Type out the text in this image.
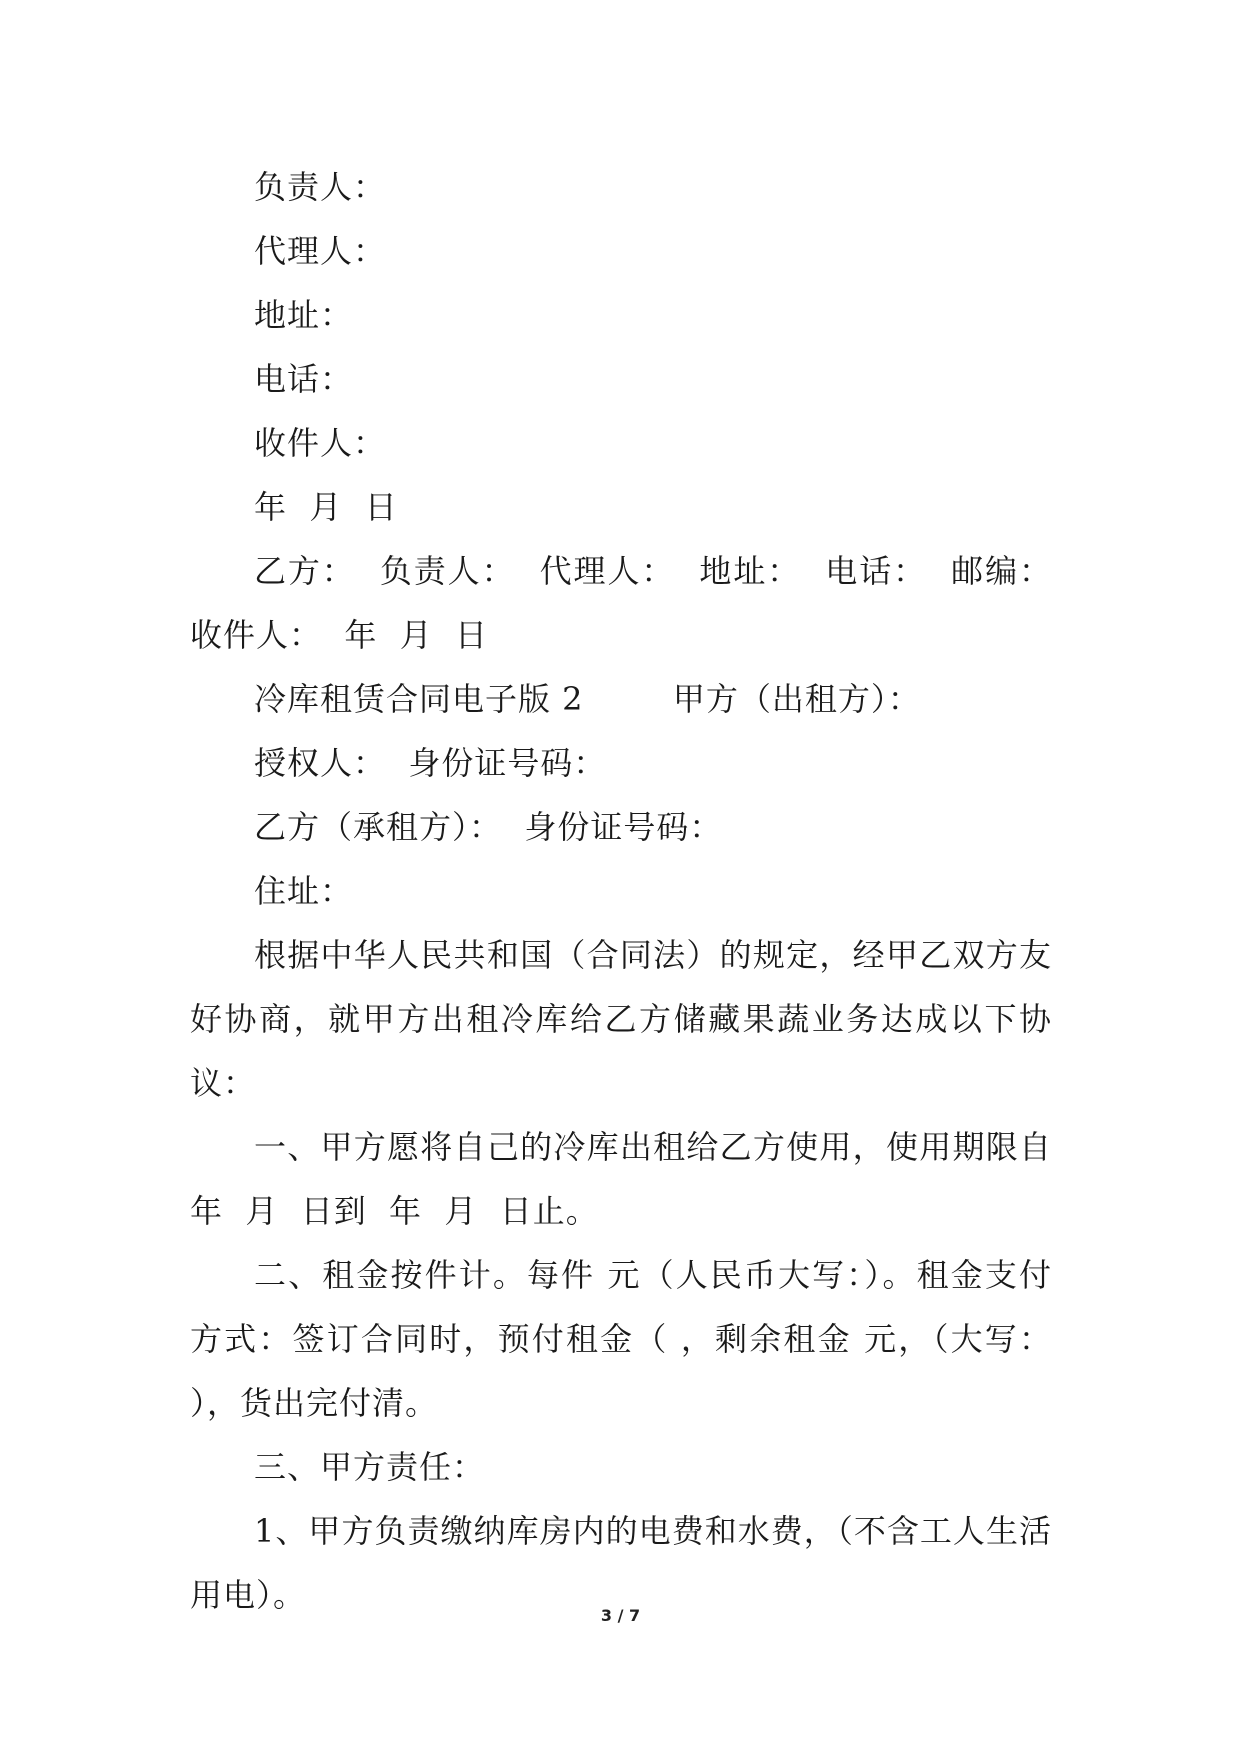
负责人：

代理人：

地址：

电话：

收件人：

年  月  日

乙方：  负责人：  代理人：  地址：  电话：  邮编：  收件人：  年  月  日

冷库租赁合同电子版 2        甲方（出租方）：

授权人：  身份证号码：

乙方（承租方）：  身份证号码：

住址：

根据中华人民共和国（合同法）的规定，经甲乙双方友好协商，就甲方出租冷库给乙方储藏果蔬业务达成以下协议：

一、甲方愿将自己的冷库出租给乙方使用，使用期限自  年  月  日到  年  月  日止。

二、租金按件计。每件 元（人民币大写：）。租金支付方式：签订合同时，预付租金（ ，剩余租金 元，（大写： ），货出完付清。

三、甲方责任：

1、甲方负责缴纳库房内的电费和水费，（不含工人生活用电）。

3 / 7
